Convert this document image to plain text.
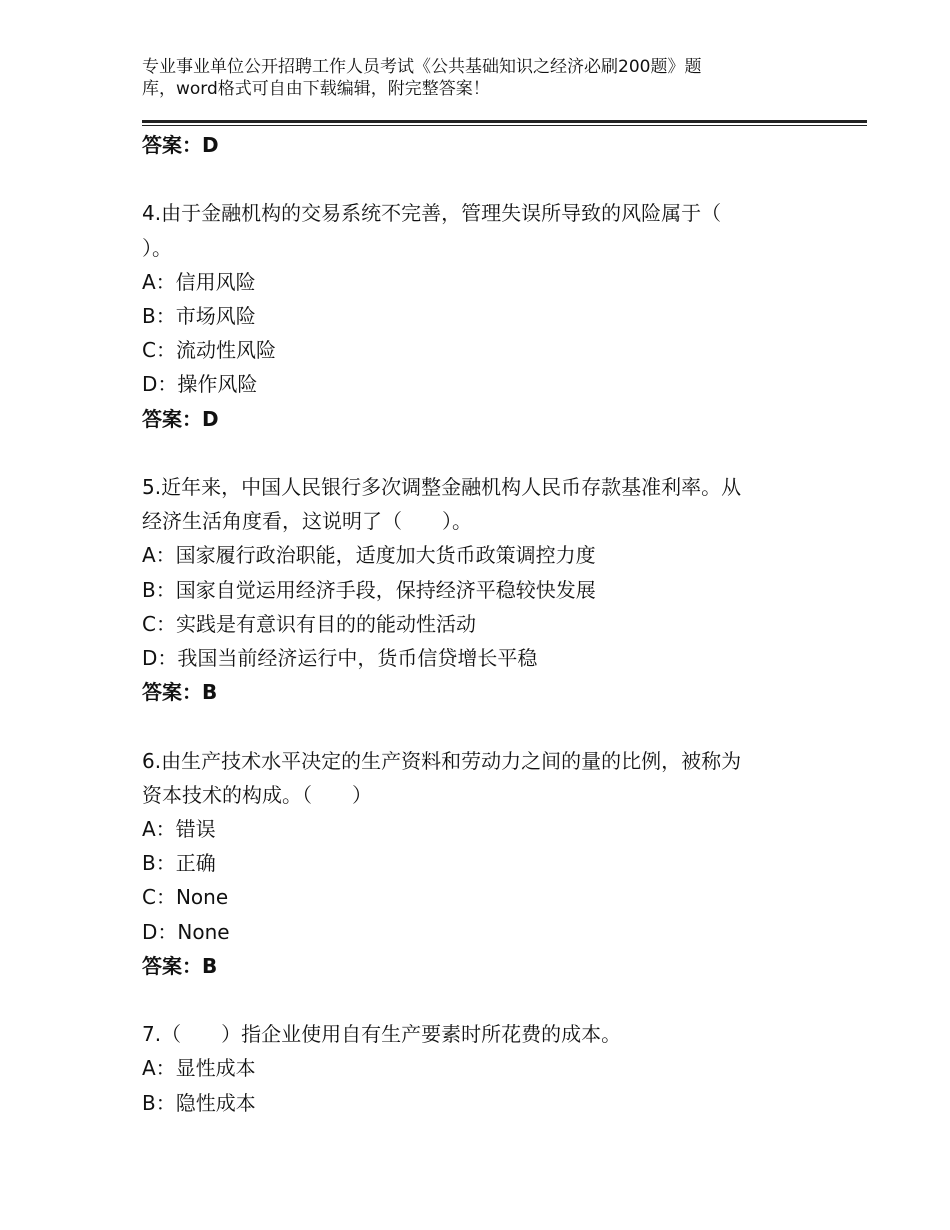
专业事业单位公开招聘工作人员考试《公共基础知识之经济必刷200题》题
库，word格式可自由下载编辑，附完整答案！
答案：D
4.由于金融机构的交易系统不完善，管理失误所导致的风险属于（
）。
A：信用风险
B：市场风险
C：流动性风险
D：操作风险
答案：D
5.近年来，中国人民银行多次调整金融机构人民币存款基准利率。从
经济生活角度看，这说明了（　　）。
A：国家履行政治职能，适度加大货币政策调控力度
B：国家自觉运用经济手段，保持经济平稳较快发展
C：实践是有意识有目的的能动性活动
D：我国当前经济运行中，货币信贷增长平稳
答案：B
6.由生产技术水平决定的生产资料和劳动力之间的量的比例，被称为
资本技术的构成。（　　）
A：错误
B：正确
C：None
D：None
答案：B
7.（　　）指企业使用自有生产要素时所花费的成本。
A：显性成本
B：隐性成本
